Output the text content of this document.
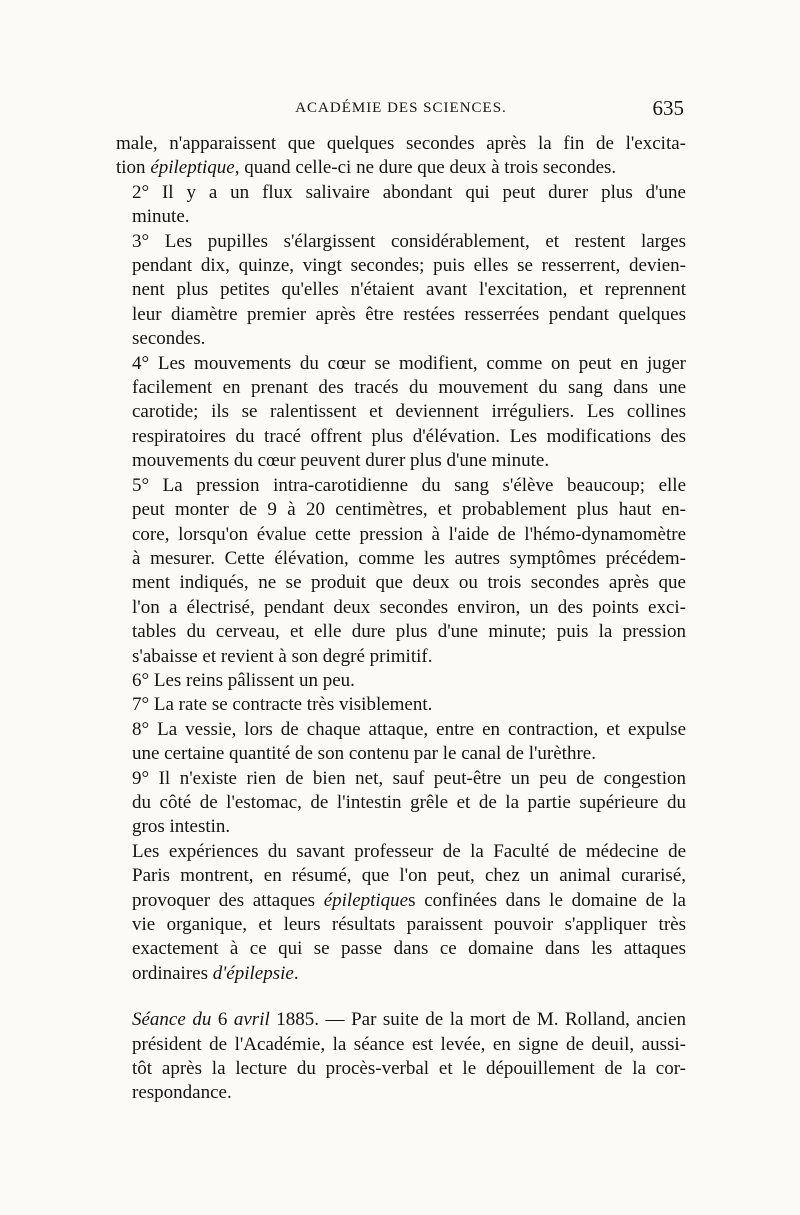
ACADÉMIE DES SCIENCES.	635

male, n'apparaissent que quelques secondes après la fin de l'excita-
tion épileptique, quand celle-ci ne dure que deux à trois secondes.

2° Il y a un flux salivaire abondant qui peut durer plus d'une
minute.

3° Les pupilles s'élargissent considérablement, et restent larges
pendant dix, quinze, vingt secondes; puis elles se resserrent, devien-
nent plus petites qu'elles n'étaient avant l'excitation, et reprennent
leur diamètre premier après être restées resserrées pendant quelques
secondes.

4° Les mouvements du cœur se modifient, comme on peut en juger
facilement en prenant des tracés du mouvement du sang dans une
carotide; ils se ralentissent et deviennent irréguliers. Les collines
respiratoires du tracé offrent plus d'élévation. Les modifications des
mouvements du cœur peuvent durer plus d'une minute.

5° La pression intra-carotidienne du sang s'élève beaucoup; elle
peut monter de 9 à 20 centimètres, et probablement plus haut en-
core, lorsqu'on évalue cette pression à l'aide de l'hémo-dynamomètre
à mesurer. Cette élévation, comme les autres symptômes précédem-
ment indiqués, ne se produit que deux ou trois secondes après que
l'on a électrisé, pendant deux secondes environ, un des points exci-
tables du cerveau, et elle dure plus d'une minute; puis la pression
s'abaisse et revient à son degré primitif.

6° Les reins pâlissent un peu.

7° La rate se contracte très visiblement.

8° La vessie, lors de chaque attaque, entre en contraction, et expulse
une certaine quantité de son contenu par le canal de l'urèthre.

9° Il n'existe rien de bien net, sauf peut-être un peu de congestion
du côté de l'estomac, de l'intestin grêle et de la partie supérieure du
gros intestin.

Les expériences du savant professeur de la Faculté de médecine de
Paris montrent, en résumé, que l'on peut, chez un animal curarisé,
provoquer des attaques épileptiques confinées dans le domaine de la
vie organique, et leurs résultats paraissent pouvoir s'appliquer très
exactement à ce qui se passe dans ce domaine dans les attaques
ordinaires d'épilepsie.

Séance du 6 avril 1885. — Par suite de la mort de M. Rolland, ancien
président de l'Académie, la séance est levée, en signe de deuil, aussi-
tôt après la lecture du procès-verbal et le dépouillement de la cor-
respondance.
